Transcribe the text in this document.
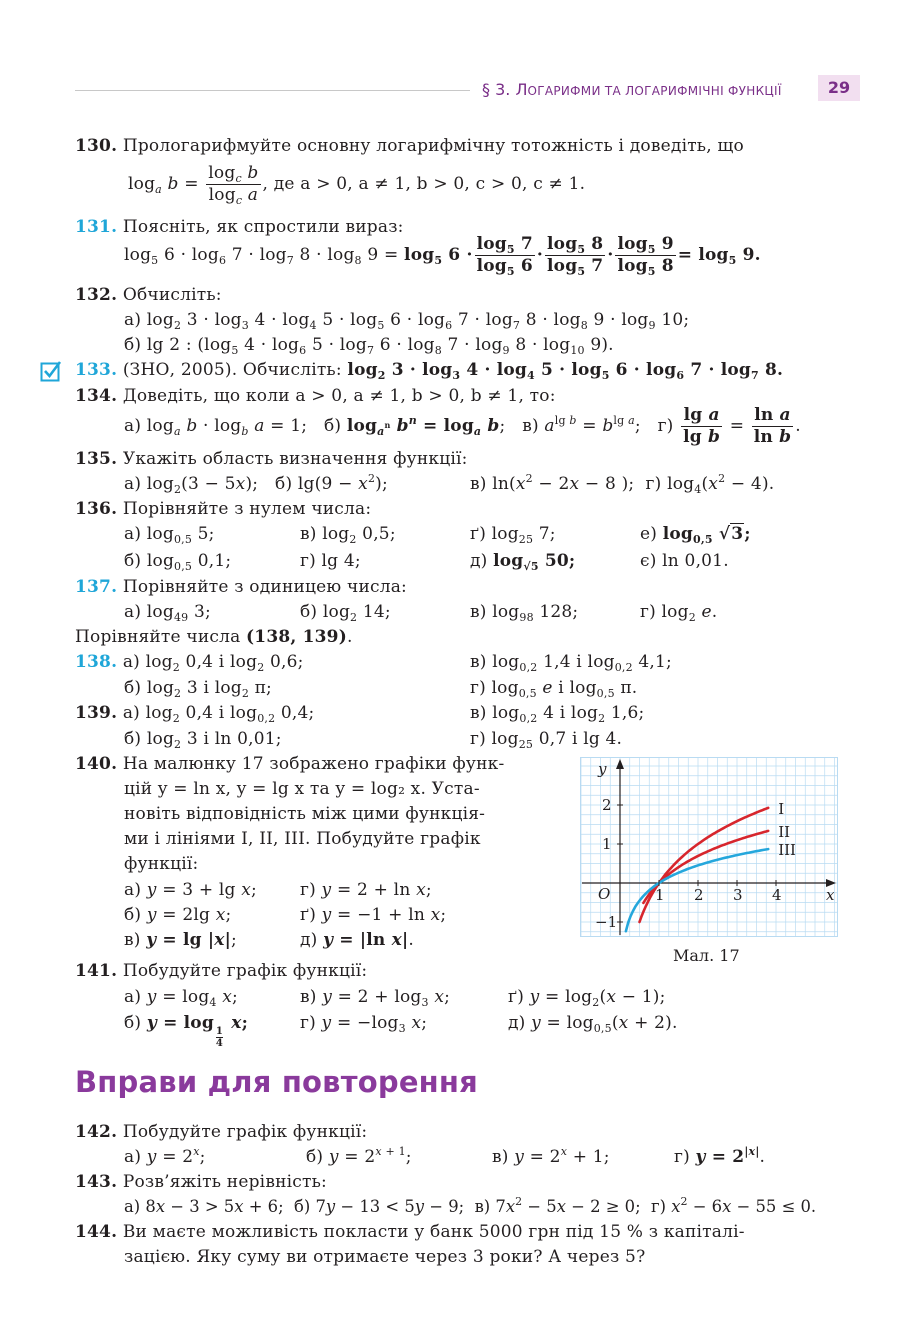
§ 3. ЛОГАРИФМИ ТА ЛОГАРИФМІЧНІ ФУНКЦІЇ	29
130. Прологарифмуйте основну логарифмічну тотожність і доведіть, що
$\log_a b = \frac{\log_c b}{\log_c a}$ , де a > 0, a ≠ 1, b > 0, c > 0, c ≠ 1.
131. Поясніть, як спростили вираз:
$\log_5 6 \cdot \log_6 7 \cdot \log_7 8 \cdot \log_8 9 = \log_5 6 \cdot \frac{\log_5 7}{\log_5 6} \cdot \frac{\log_5 8}{\log_5 7} \cdot \frac{\log_5 9}{\log_5 8} = \log_5 9$.
132. Обчисліть:
а) $\log_2 3 \cdot \log_3 4 \cdot \log_4 5 \cdot \log_5 6 \cdot \log_6 7 \cdot \log_7 8 \cdot \log_8 9 \cdot \log_9 10$;
б) lg 2 : ($\log_5$ $4 \cdot \log_6 5 \cdot \log_7 6 \cdot \log_8 7 \cdot \log_9 8 \cdot \log_{10} 9$).
133. (ЗНО, 2005). Обчисліть: $\log_2 3 \cdot \log_3 4 \cdot \log_4 5 \cdot \log_5 6 \cdot \log_6 7 \cdot \log_7 8$.
134. Доведіть, що коли a > 0, a ≠ 1, b > 0, b ≠ 1, то:
а) $\log_a b \cdot \log_b a = 1$;   б) $\log_{a^n} b^n = \log_a b$;   в) $a^{lg b} = b^{lg a}$;   $г) \frac{\text{lg a}}{\text{lg b}} = \frac{\text{ln a}}{\text{ln b}}$ .
135. Укажіть область визначення функції:
а) $\log_2(3 - 5x)$;   б) $\lg(9 - x^2)$;	в) $\ln(x^2 - 2x - 8$ );  г) $\log_4(x^2 - 4)$.
136. Порівняйте з нулем числа:
а) $\log_{0,5} 5$;	в) $\log_2 0,5$;	ґ) $\log_{25} 7$;	е) $\log_{0,5} √3$;
б) $\log_{0,5} 0,1$;	г) lg 4;	д) $\log_{√5} 50$;	є) ln 0,01.
137. Порівняйте з одиницею числа:
а) $\log_{49} 3$;	б) $\log_2 14$;	в) $\log_{98} 128$;	г) $\log_2 e$.
Порівняйте числа (138, 139).
138. а) $\log_2 0,4$ і $\log_2 0,6$;	в) $\log_{0,2} 1,4$ і $\log_{0,2} 4,1$;
б) $\log_2 3$ і $\log_2 \pi$;	г) $\log_{0,5} e$ і $\log_{0,5} \pi$.
139. а) $\log_2 0,4$ і $\log_{0,2} 0,4$;	в) $\log_{0,2} 4$ і $\log_2 1,6$;
б) $\log_2 3$ і ln 0,01;	г) $\log_{25} 0,7$ і lg 4.
140. На малюнку 17 зображено графіки функ-
цій y = ln x, y = lg x та y = log₂ x. Уста-
новіть відповідність між цими функція-
ми і лініями I, II, III. Побудуйте графік
функції:
а) y = 3 + lg x;	г) y = 2 + ln x;
б) y = 2lg x;	ґ) y = −1 + ln x;
в) y = lg |x|;	д) y = |ln x|.
1 2 3 4
2
1
−1
O	x
y
I
II
III
Мал. 17
141. Побудуйте графік функції:
а) $y = \log_4 x$;	в) $y = 2 + \log_3 x$;	ґ) $y = \log_2(x - 1)$;
б) y = log
$\frac{1}{4}$
x;	г) $y = -\log_3$ x;	д) $y = \log_{0,5}(x + 2)$.
Вправи для повторення
142. Побудуйте графік функції:
а) $y = 2^x$;	б) $y = 2^{x + 1}$;	в) $y = 2^x + 1$;	г) $y = 2^{|x|}$.
143. Розв’яжіть нерівність:
а) 8x − 3 > 5x + 6;  б) 7y − 13 < 5y − 9;  в) $7x^2 - 5x - 2 \ge 0$;  г) $x^2 - 6x - 55 \le 0$.
144. Ви маєте можливість покласти у банк 5000 грн під 15 % з капіталі-
зацією. Яку суму ви отримаєте через 3 роки? А через 5?
